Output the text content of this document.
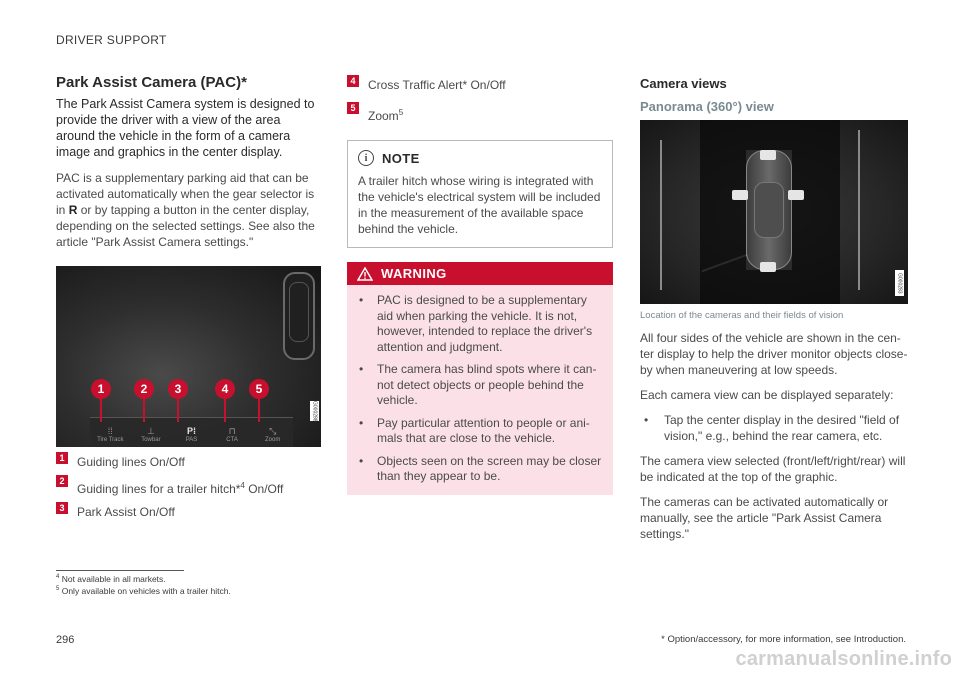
DRIVER SUPPORT
Park Assist Camera (PAC)*

The Park Assist Camera system is designed to provide the driver with a view of the area around the vehicle in the form of a camera image and graphics in the center display.

PAC is a supplementary parking aid that can be activated automatically when the gear selector is in R or by tapping a button in the center display, depending on the selected settings. See also the article "Park Assist Camera settings."

⁞⁞
Tire Track
⊥
Towbar
P⁞
PAS
⊓
CTA
⤡
Zoom
1	2	3	4	5
G000288
1 Guiding lines On/Off
2
Guiding lines for a trailer hitch*$^4$ On/Off
3 Park Assist On/Off
4 Cross Traffic Alert* On/Off
5
Zoom$^5$
i	NOTE

A trailer hitch whose wiring is integrated with the vehicle's electrical system will be included in the measurement of the available space behind the vehicle.

WARNING
•	PAC is designed to be a supplementary aid when parking the vehicle. It is not, however, intended to replace the driver's attention and judgment.
•	The camera has blind spots where it can- not detect objects or people behind the vehicle.
•	Pay particular attention to people or ani- mals that are close to the vehicle.
•	Objects seen on the screen may be closer than they appear to be.
Camera views
Panorama (360°) view
G000283

Location of the cameras and their fields of vision

All four sides of the vehicle are shown in the cen- ter display to help the driver monitor objects close-by when maneuvering at low speeds.

Each camera view can be displayed separately:

•	Tap the center display in the desired "field of vision," e.g., behind the rear camera, etc.

The camera view selected (front/left/right/rear) will be indicated at the top of the graphic.

The cameras can be activated automatically or manually, see the article "Park Assist Camera settings."

$^4$ Not available in all markets.
$^5$ Only available on vehicles with a trailer hitch.
296	* Option/accessory, for more information, see Introduction.
carmanualsonline.info
